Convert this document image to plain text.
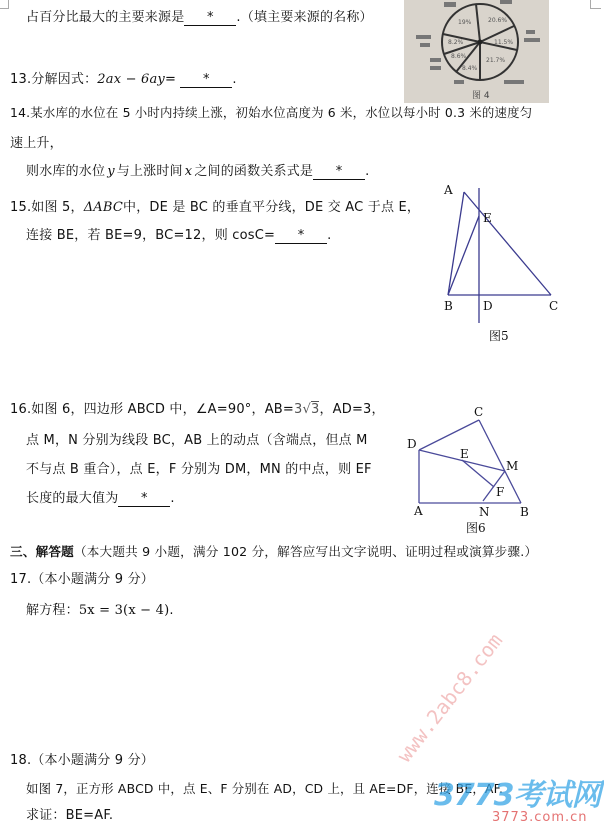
占百分比最大的主要来源是 * .（填主要来源的名称）	19%	20.6%
11.5%
21.7%
8.4%
8.6%
8.2%
图 4
13.分解因式：2ax − 6ay= * .
14.某水库的水位在 5 小时内持续上涨，初始水位高度为 6 米，水位以每小时 0.3 米的速度匀
速上升，
则水库的水位 y 与上涨时间 x 之间的函数关系式是 * .
15.如图 5，ΔABC中，DE 是 BC 的垂直平分线，DE 交 AC 于点 E，
连接 BE，若 BE=9，BC=12，则 cosC= * .
A
E
B	D	C
图5
16.如图 6，四边形 ABCD 中，∠A=90°，AB=3√3，AD=3，
点 M，N 分别为线段 BC，AB 上的动点（含端点，但点 M
不与点 B 重合），点 E，F 分别为 DM，MN 的中点，则 EF
长度的最大值为 * .
C
D
E
M
F
A	N	B
图6
三、解答题（本大题共 9 小题，满分 102 分，解答应写出文字说明、证明过程或演算步骤.）
17.（本小题满分 9 分）
解方程：5x = 3(x − 4).
www.2abc8.com
18.（本小题满分 9 分）
如图 7，正方形 ABCD 中，点 E、F 分别在 AD，CD 上，且 AE=DF，连接 BE，AF.
求证：BE=AF.
3773考试网
3773.com.cn
